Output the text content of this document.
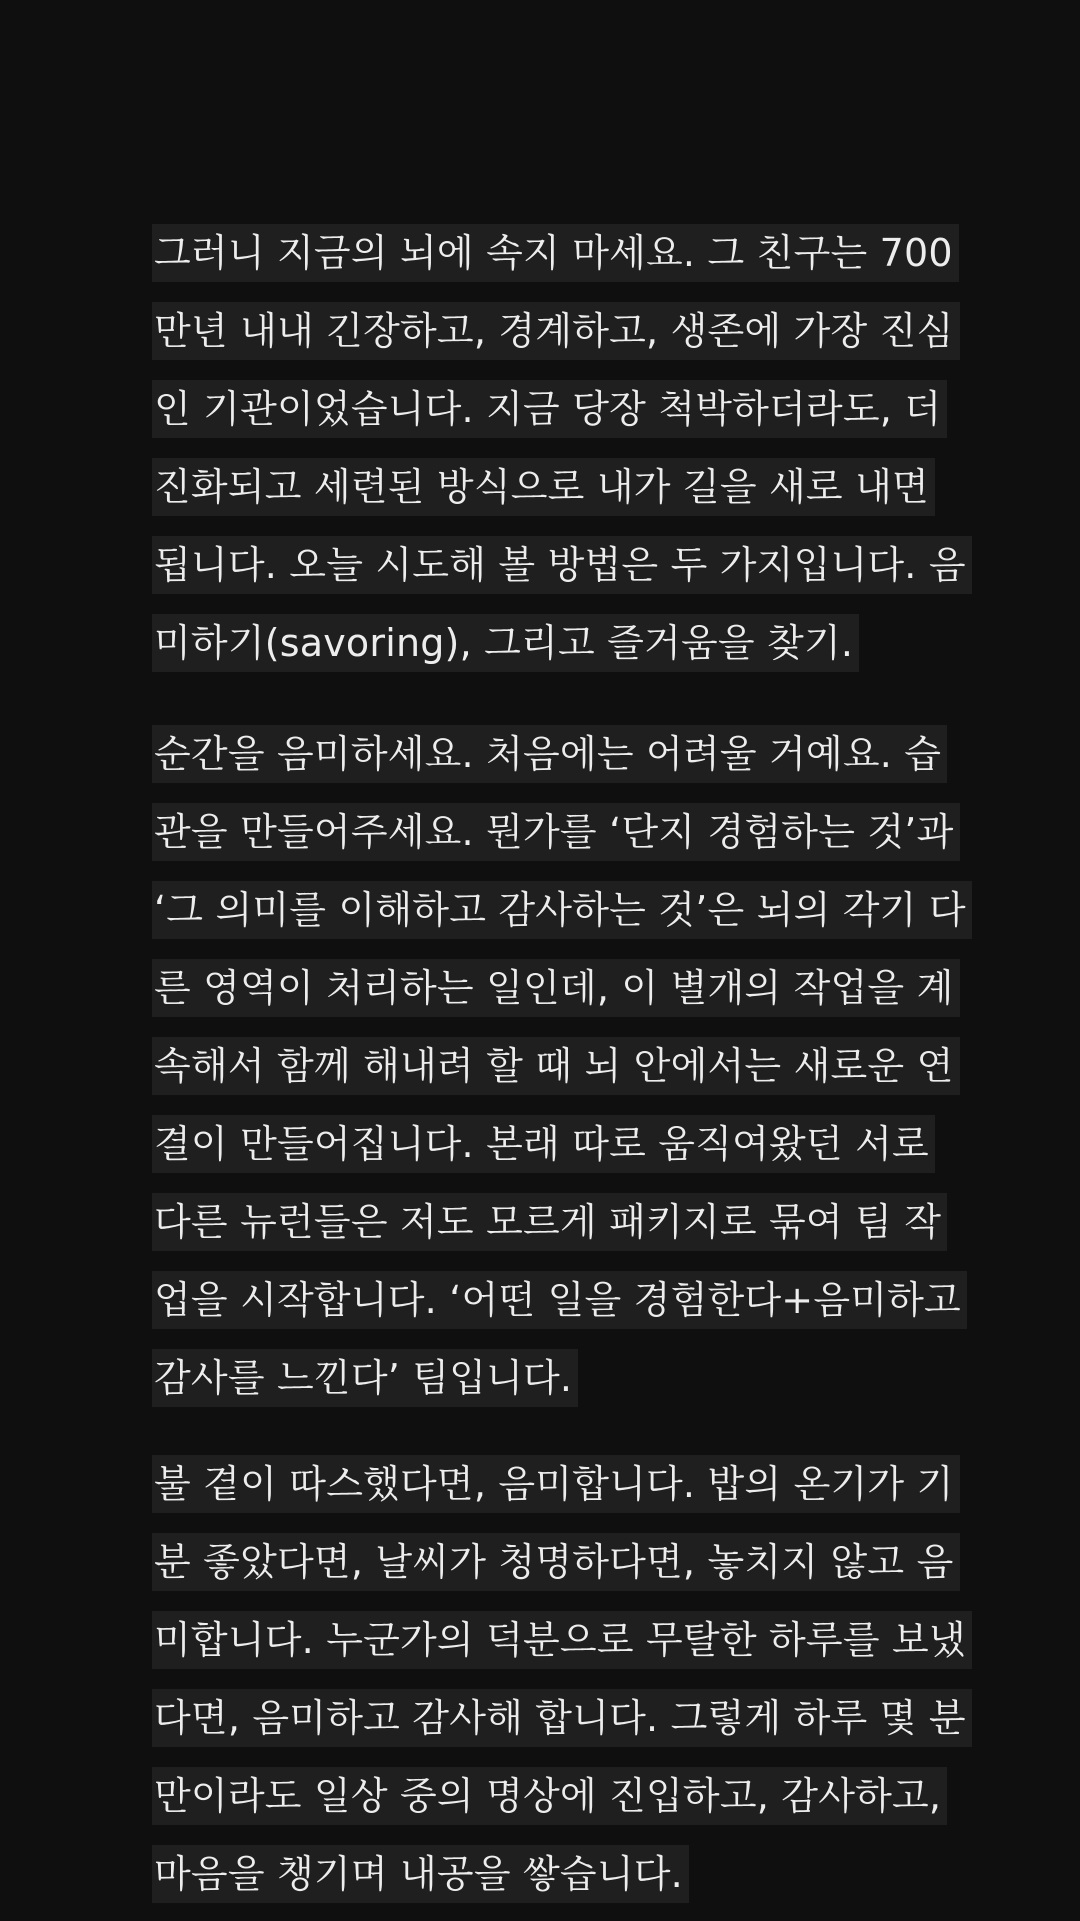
그러니 지금의 뇌에 속지 마세요. 그 친구는 700
만년 내내 긴장하고, 경계하고, 생존에 가장 진심
인 기관이었습니다. 지금 당장 척박하더라도, 더
진화되고 세련된 방식으로 내가 길을 새로 내면
됩니다. 오늘 시도해 볼 방법은 두 가지입니다. 음
미하기(savoring), 그리고 즐거움을 찾기.
순간을 음미하세요. 처음에는 어려울 거예요. 습
관을 만들어주세요. 뭔가를 ‘단지 경험하는 것’과
‘그 의미를 이해하고 감사하는 것’은 뇌의 각기 다
른 영역이 처리하는 일인데, 이 별개의 작업을 계
속해서 함께 해내려 할 때 뇌 안에서는 새로운 연
결이 만들어집니다. 본래 따로 움직여왔던 서로
다른 뉴런들은 저도 모르게 패키지로 묶여 팀 작
업을 시작합니다. ‘어떤 일을 경험한다+음미하고
감사를 느낀다’ 팀입니다.
불 곁이 따스했다면, 음미합니다. 밥의 온기가 기
분 좋았다면, 날씨가 청명하다면, 놓치지 않고 음
미합니다. 누군가의 덕분으로 무탈한 하루를 보냈
다면, 음미하고 감사해 합니다. 그렇게 하루 몇 분
만이라도 일상 중의 명상에 진입하고, 감사하고,
마음을 챙기며 내공을 쌓습니다.
